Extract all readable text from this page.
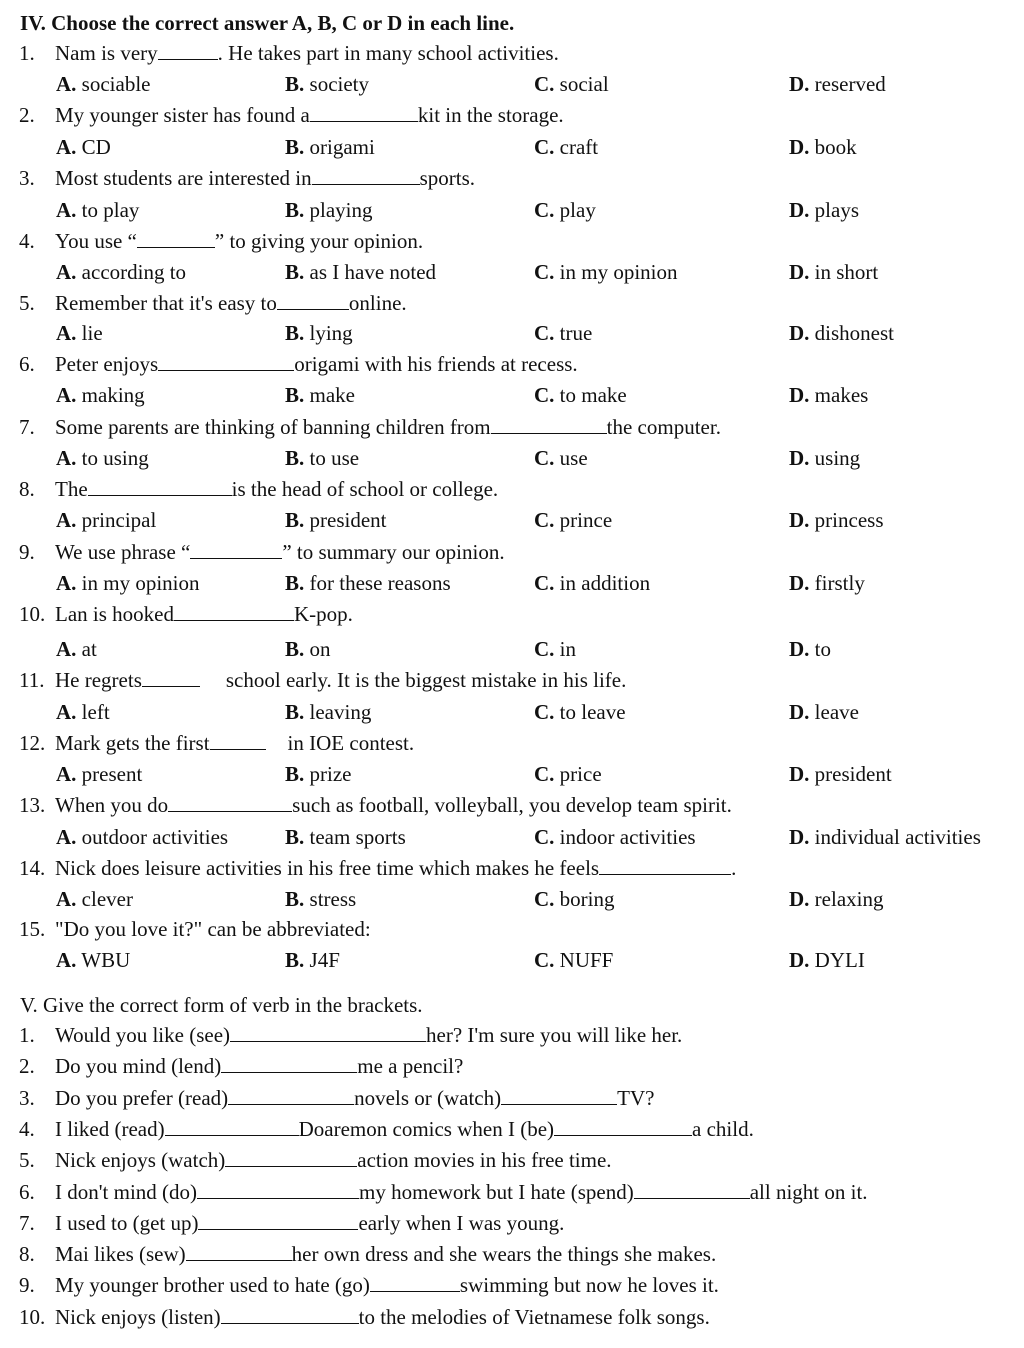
IV. Choose the correct answer A, B, C or D in each line.
1. Nam is very	. He takes part in many school activities.
A. sociable	B. society	C. social	D. reserved
2. My younger sister has found a	kit in the storage.
A. CD	B. origami	C. craft	D. book
3. Most students are interested in	sports.
A. to play	B. playing	C. play	D. plays
4. You use “	” to giving your opinion.
A. according to	B. as I have noted	C. in my opinion	D. in short
5. Remember that it's easy to	online.
A. lie	B. lying	C. true	D. dishonest
6. Peter enjoys	origami with his friends at recess.
A. making	B. make	C. to make	D. makes
7. Some parents are thinking of banning children from	the computer.
A. to using	B. to use	C. use	D. using
8. The	is the head of school or college.
A. principal	B. president	C. prince	D. princess
9. We use phrase “	” to summary our opinion.
A. in my opinion	B. for these reasons	C. in addition	D. firstly
10. Lan is hooked	K-pop.
A. at	B. on	C. in	D. to
11. He regrets	school early. It is the biggest mistake in his life.
A. left	B. leaving	C. to leave	D. leave
12. Mark gets the first	in IOE contest.
A. present	B. prize	C. price	D. president
13. When you do	such as football, volleyball, you develop team spirit.
A. outdoor activities	B. team sports	C. indoor activities	D. individual activities
14. Nick does leisure activities in his free time which makes he feels	.
A. clever	B. stress	C. boring	D. relaxing
15. "Do you love it?" can be abbreviated:
A. WBU	B. J4F	C. NUFF	D. DYLI
V. Give the correct form of verb in the brackets.
1. Would you like (see)	her? I'm sure you will like her.
2. Do you mind (lend)	me a pencil?
3. Do you prefer (read)	novels or (watch)	TV?
4. I liked (read)	Doaremon comics when I (be)	a child.
5. Nick enjoys (watch)	action movies in his free time.
6. I don't mind (do)	my homework but I hate (spend)	all night on it.
7. I used to (get up)	early when I was young.
8. Mai likes (sew)	her own dress and she wears the things she makes.
9. My younger brother used to hate (go)	swimming but now he loves it.
10. Nick enjoys (listen)	to the melodies of Vietnamese folk songs.
